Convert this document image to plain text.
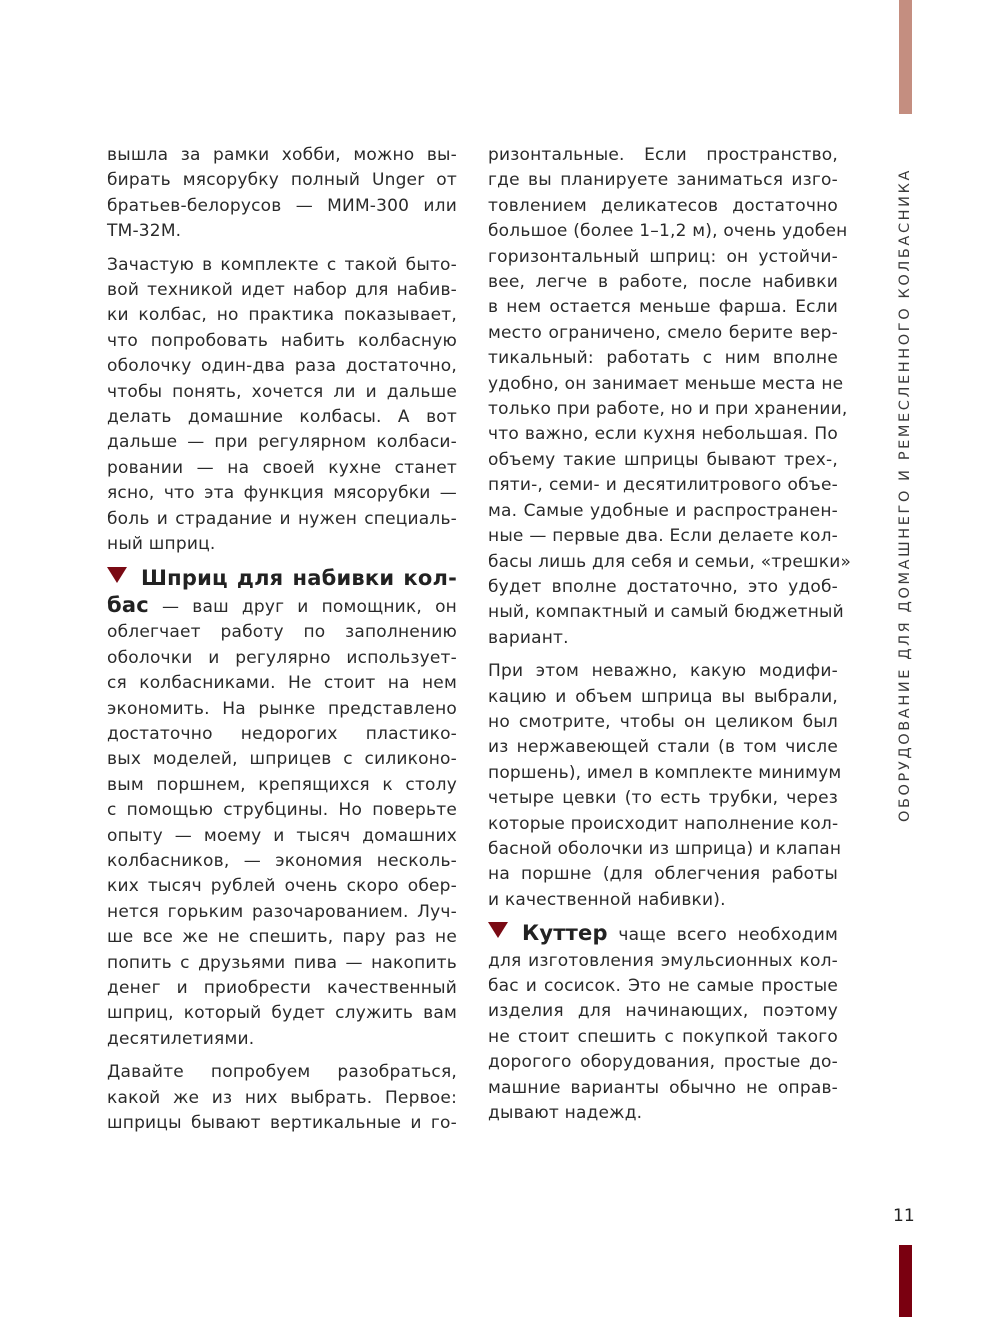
ОБОРУДОВАНИЕ ДЛЯ ДОМАШНЕГО И РЕМЕСЛЕННОГО КОЛБАСНИКА
11

вышла за рамки хобби, можно вы-
бирать мясорубку полный Unger от
братьев-белорусов — МИМ-300 или
ТМ-32М.

Зачастую в комплекте с такой быто-
вой техникой идет набор для набив-
ки колбас, но практика показывает,
что попробовать набить колбасную
оболочку один-два раза достаточно,
чтобы понять, хочется ли и дальше
делать домашние колбасы. А вот
дальше — при регулярном колбаси-
ровании — на своей кухне станет
ясно, что эта функция мясорубки —
боль и страдание и нужен специаль-
ный шприц.

Шприц для набивки кол-
бас — ваш друг и помощник, он
облегчает работу по заполнению
оболочки и регулярно использует-
ся колбасниками. Не стоит на нем
экономить. На рынке представлено
достаточно недорогих пластико-
вых моделей, шприцев с силиконо-
вым поршнем, крепящихся к столу
с помощью струбцины. Но поверьте
опыту — моему и тысяч домашних
колбасников, — экономия несколь-
ких тысяч рублей очень скоро обер-
нется горьким разочарованием. Луч-
ше все же не спешить, пару раз не
попить с друзьями пива — накопить
денег и приобрести качественный
шприц, который будет служить вам
десятилетиями.

Давайте попробуем разобраться,
какой же из них выбрать. Первое:
шприцы бывают вертикальные и го-

ризонтальные. Если пространство,
где вы планируете заниматься изго-
товлением деликатесов достаточно
большое (более 1–1,2 м), очень удобен
горизонтальный шприц: он устойчи-
вее, легче в работе, после набивки
в нем остается меньше фарша. Если
место ограничено, смело берите вер-
тикальный: работать с ним вполне
удобно, он занимает меньше места не
только при работе, но и при хранении,
что важно, если кухня небольшая. По
объему такие шприцы бывают трех-,
пяти-, семи- и десятилитрового объе-
ма. Самые удобные и распространен-
ные — первые два. Если делаете кол-
басы лишь для себя и семьи, «трешки»
будет вполне достаточно, это удоб-
ный, компактный и самый бюджетный
вариант.

При этом неважно, какую модифи-
кацию и объем шприца вы выбрали,
но смотрите, чтобы он целиком был
из нержавеющей стали (в том числе
поршень), имел в комплекте минимум
четыре цевки (то есть трубки, через
которые происходит наполнение кол-
басной оболочки из шприца) и клапан
на поршне (для облегчения работы
и качественной набивки).

Куттер чаще всего необходим
для изготовления эмульсионных кол-
бас и сосисок. Это не самые простые
изделия для начинающих, поэтому
не стоит спешить с покупкой такого
дорогого оборудования, простые до-
машние варианты обычно не оправ-
дывают надежд.
